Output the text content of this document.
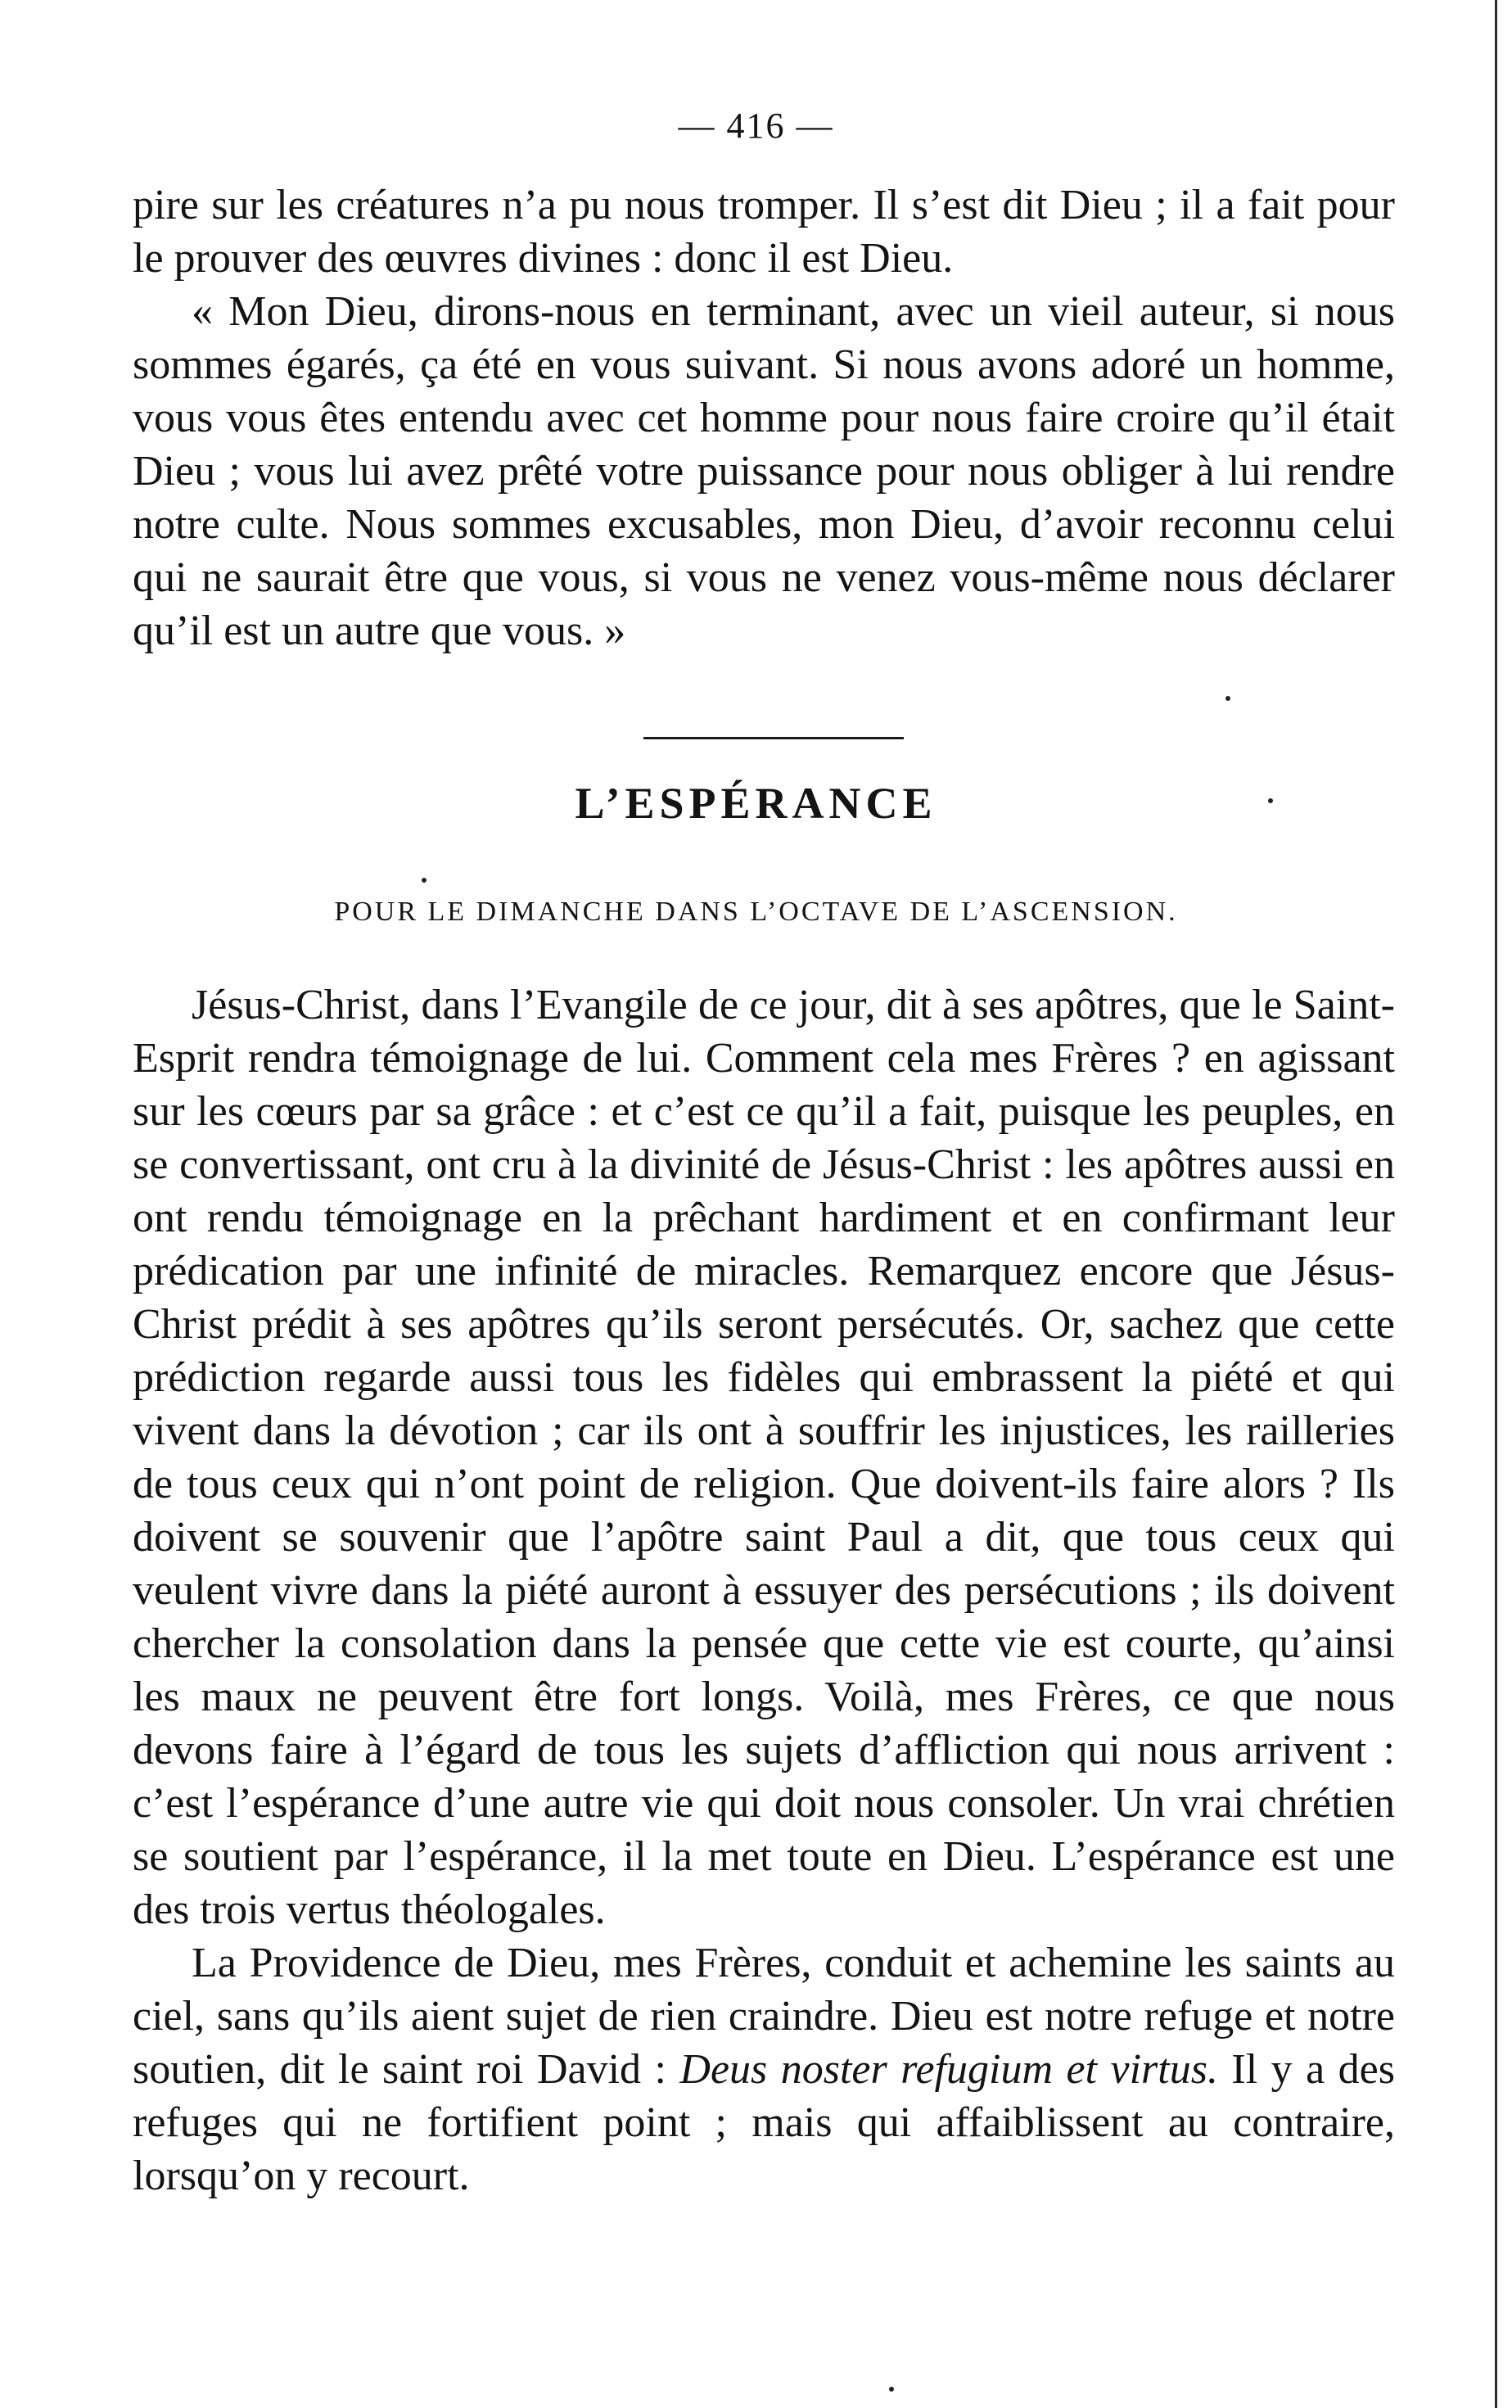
— 416 —

pire sur les créatures n’a pu nous tromper. Il s’est dit Dieu ; il a fait pour le prouver des œuvres divines : donc il est Dieu.

« Mon Dieu, dirons-nous en terminant, avec un vieil auteur, si nous sommes égarés, ça été en vous suivant. Si nous avons adoré un homme, vous vous êtes entendu avec cet homme pour nous faire croire qu’il était Dieu ; vous lui avez prêté votre puissance pour nous obliger à lui rendre notre culte. Nous sommes excusables, mon Dieu, d’avoir reconnu celui qui ne saurait être que vous, si vous ne venez vous-même nous déclarer qu’il est un autre que vous. »

L’ESPÉRANCE
POUR LE DIMANCHE DANS L’OCTAVE DE L’ASCENSION.

Jésus-Christ, dans l’Evangile de ce jour, dit à ses apôtres, que le Saint-Esprit rendra témoignage de lui. Comment cela mes Frères ? en agissant sur les cœurs par sa grâce : et c’est ce qu’il a fait, puisque les peuples, en se convertissant, ont cru à la divinité de Jésus-Christ : les apôtres aussi en ont rendu témoignage en la prêchant hardiment et en confirmant leur prédication par une infinité de miracles. Remarquez encore que Jésus-Christ prédit à ses apôtres qu’ils seront persécutés. Or, sachez que cette prédiction regarde aussi tous les fidèles qui embrassent la piété et qui vivent dans la dévotion ; car ils ont à souffrir les injustices, les railleries de tous ceux qui n’ont point de religion. Que doivent-ils faire alors ? Ils doivent se souvenir que l’apôtre saint Paul a dit, que tous ceux qui veulent vivre dans la piété auront à essuyer des persécutions ; ils doivent chercher la consolation dans la pensée que cette vie est courte, qu’ainsi les maux ne peuvent être fort longs. Voilà, mes Frères, ce que nous devons faire à l’égard de tous les sujets d’affliction qui nous arrivent : c’est l’espérance d’une autre vie qui doit nous consoler. Un vrai chrétien se soutient par l’espérance, il la met toute en Dieu. L’espérance est une des trois vertus théologales.

La Providence de Dieu, mes Frères, conduit et achemine les saints au ciel, sans qu’ils aient sujet de rien craindre. Dieu est notre refuge et notre soutien, dit le saint roi David : Deus noster refugium et virtus. Il y a des refuges qui ne fortifient point ; mais qui affaiblissent au contraire, lorsqu’on y recourt.
